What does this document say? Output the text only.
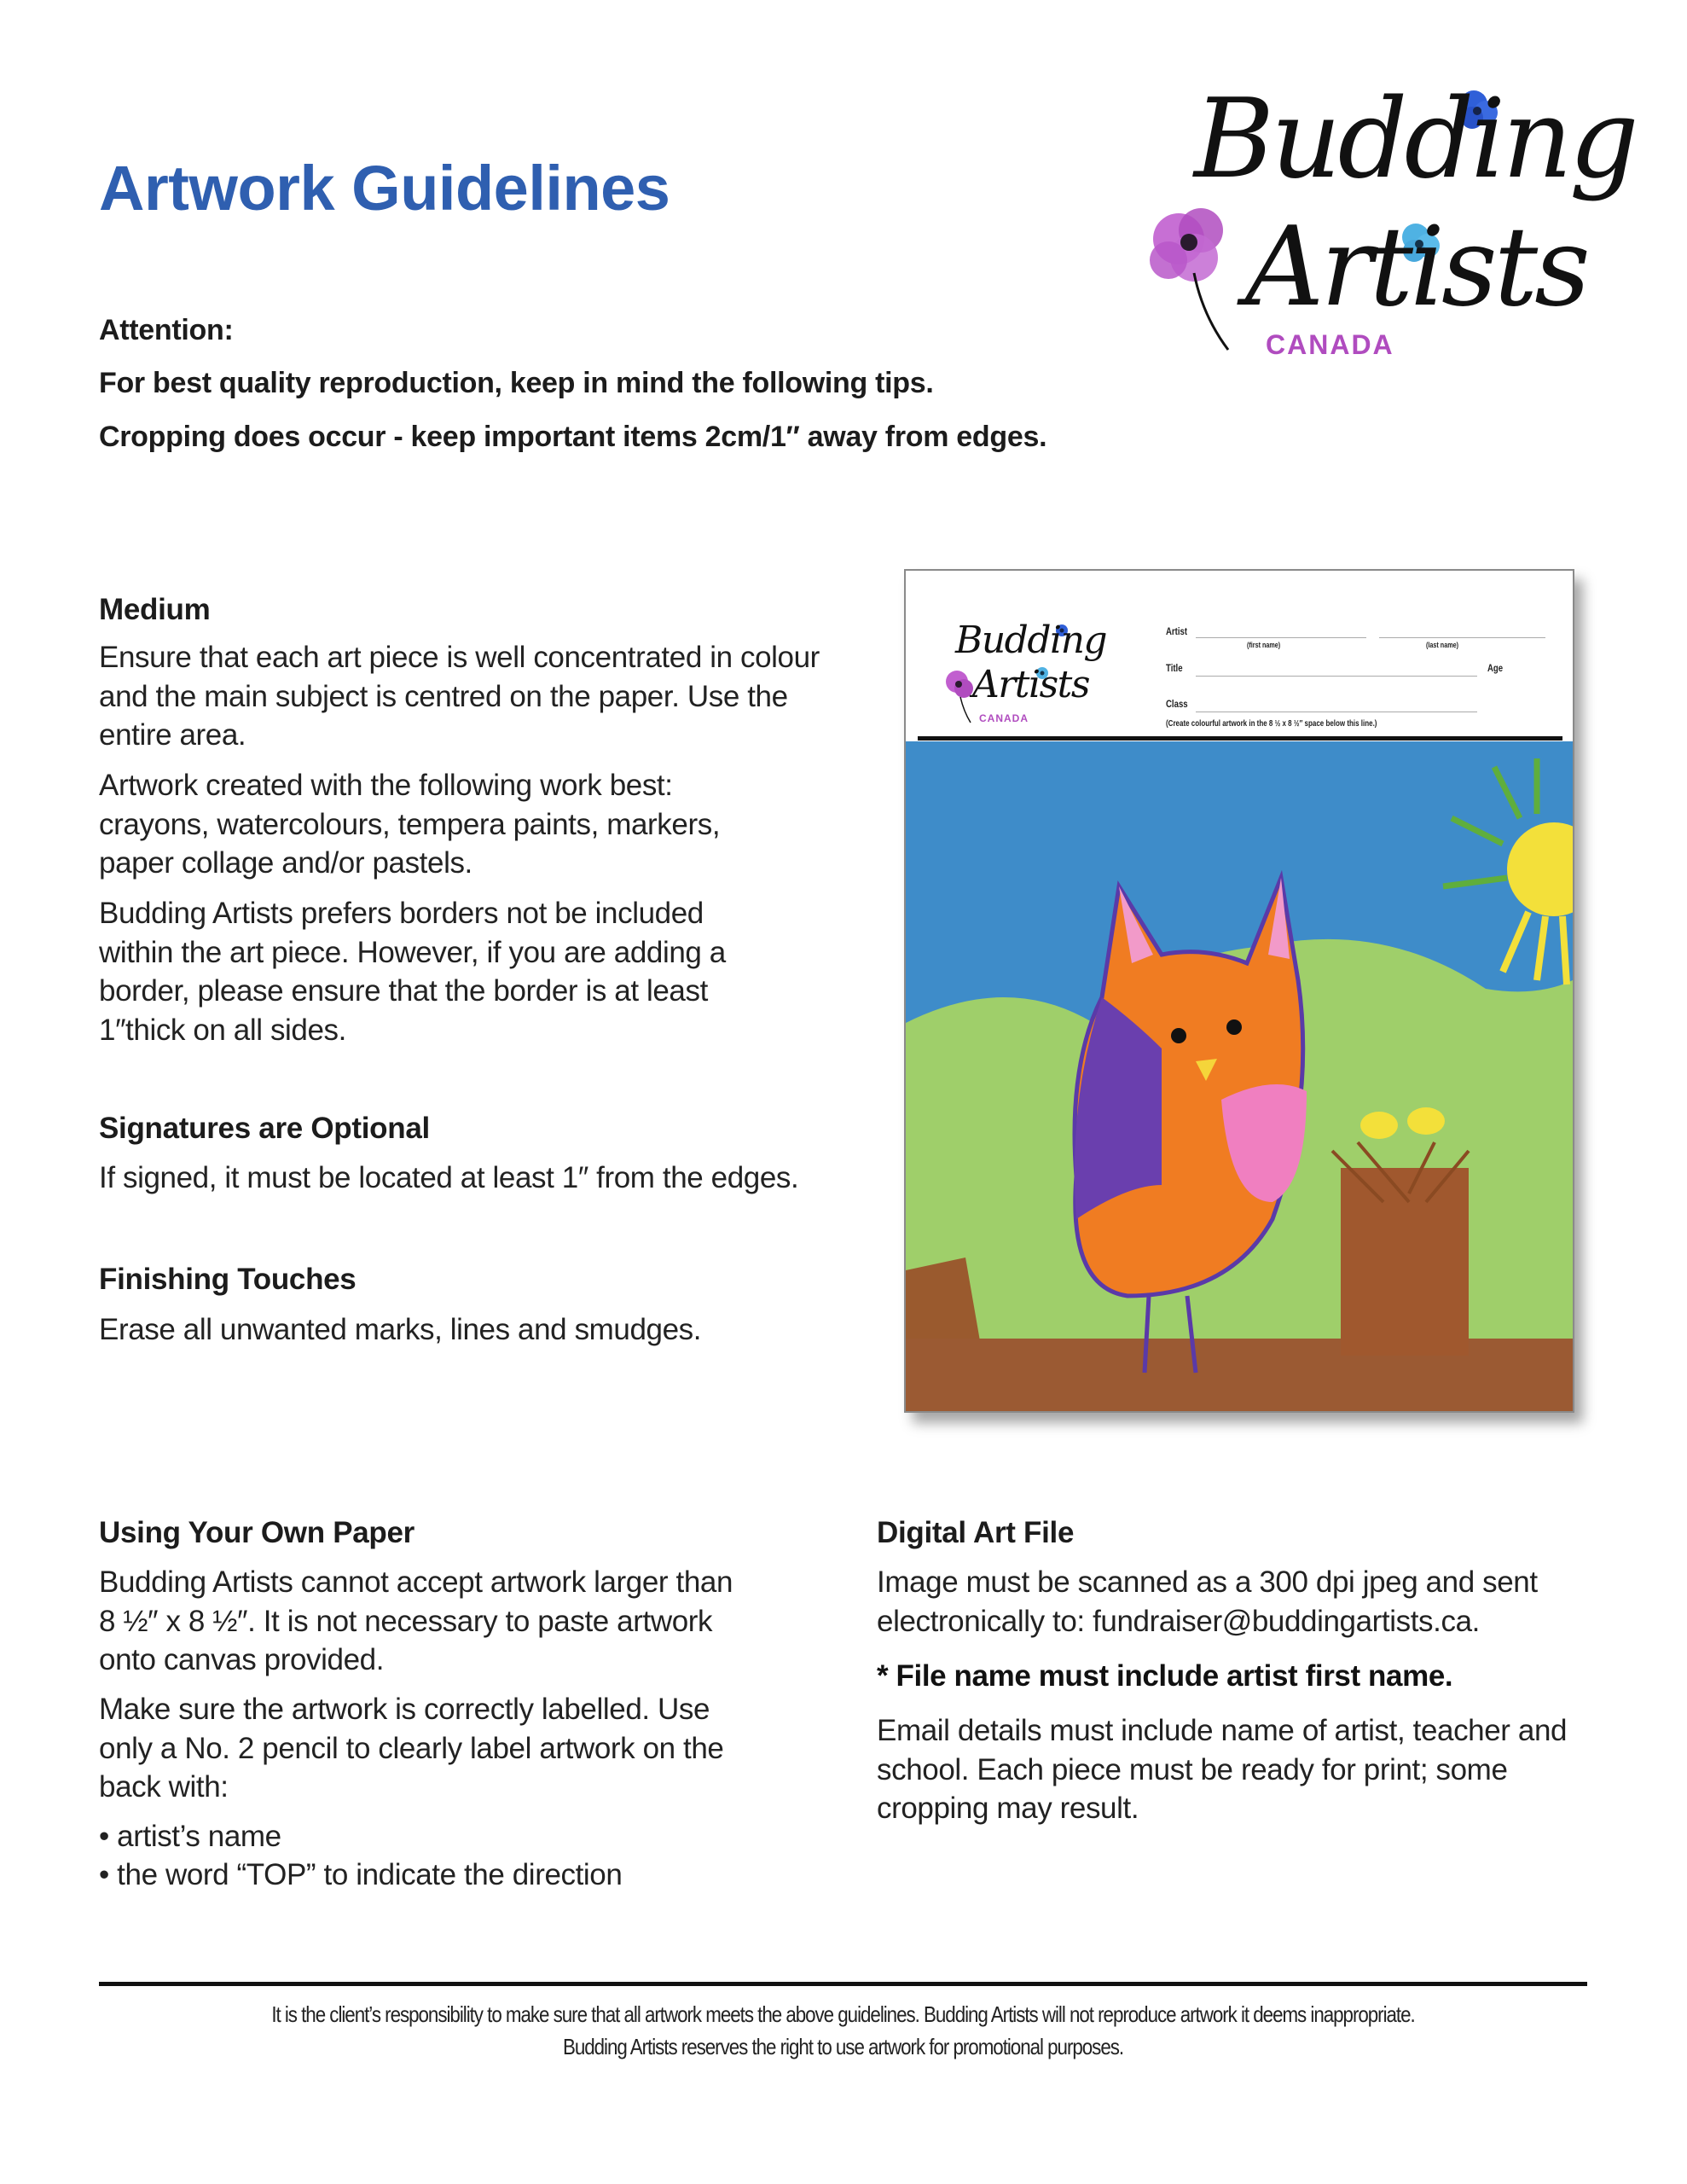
Artwork Guidelines	Budding
Artists
CANADA
Attention:
For best quality reproduction, keep in mind the following tips.
Cropping does occur - keep important items 2cm/1″ away from edges.
Medium
Ensure that each art piece is well concentrated in colour and the main subject is centred on the paper. Use the entire area.
Artwork created with the following work best: crayons, watercolours, tempera paints, markers, paper collage and/or pastels.
Budding Artists prefers borders not be included within the art piece. However, if you are adding a border, please ensure that the border is at least 1″thick on all sides.
Signatures are Optional
If signed, it must be located at least 1″ from the edges.
Finishing Touches
Erase all unwanted marks, lines and smudges.
Budding
Artists
CANADA
Artist
(first name)	(last name)
Title	Age
Class
(Create colourful artwork in the 8 ½ x 8 ½″ space below this line.)
Using Your Own Paper
Budding Artists cannot accept artwork larger than 8 ½″ x 8 ½″. It is not necessary to paste artwork onto canvas provided.
Make sure the artwork is correctly labelled. Use only a No. 2 pencil to clearly label artwork on the back with:
• artist’s name
• the word “TOP” to indicate the direction
Digital Art File
Image must be scanned as a 300 dpi jpeg and sent electronically to: fundraiser@buddingartists.ca.
* File name must include artist first name.
Email details must include name of artist, teacher and school. Each piece must be ready for print; some cropping may result.
It is the client’s responsibility to make sure that all artwork meets the above guidelines. Budding Artists will not reproduce artwork it deems inappropriate.
Budding Artists reserves the right to use artwork for promotional purposes.
